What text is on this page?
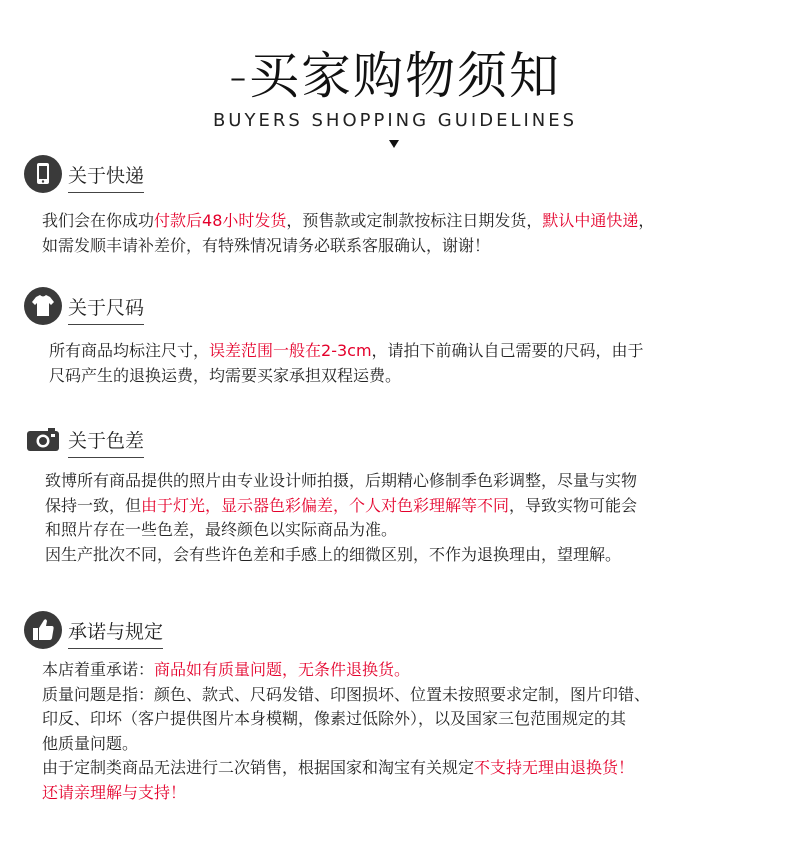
-买家购物须知
BUYERS SHOPPING GUIDELINES
关于快递
我们会在你成功付款后48小时发货，预售款或定制款按标注日期发货，默认中通快递，
如需发顺丰请补差价，有特殊情况请务必联系客服确认，谢谢！
关于尺码
所有商品均标注尺寸，误差范围一般在2-3cm，请拍下前确认自己需要的尺码，由于
尺码产生的退换运费，均需要买家承担双程运费。
关于色差
致博所有商品提供的照片由专业设计师拍摄，后期精心修制季色彩调整，尽量与实物
保持一致，但由于灯光，显示器色彩偏差，个人对色彩理解等不同，导致实物可能会
和照片存在一些色差，最终颜色以实际商品为准。
因生产批次不同，会有些许色差和手感上的细微区别，不作为退换理由，望理解。
承诺与规定
本店着重承诺：商品如有质量问题，无条件退换货。
质量问题是指：颜色、款式、尺码发错、印图损坏、位置未按照要求定制，图片印错、
印反、印坏（客户提供图片本身模糊，像素过低除外），以及国家三包范围规定的其
他质量问题。
由于定制类商品无法进行二次销售，根据国家和淘宝有关规定不支持无理由退换货！
还请亲理解与支持！
